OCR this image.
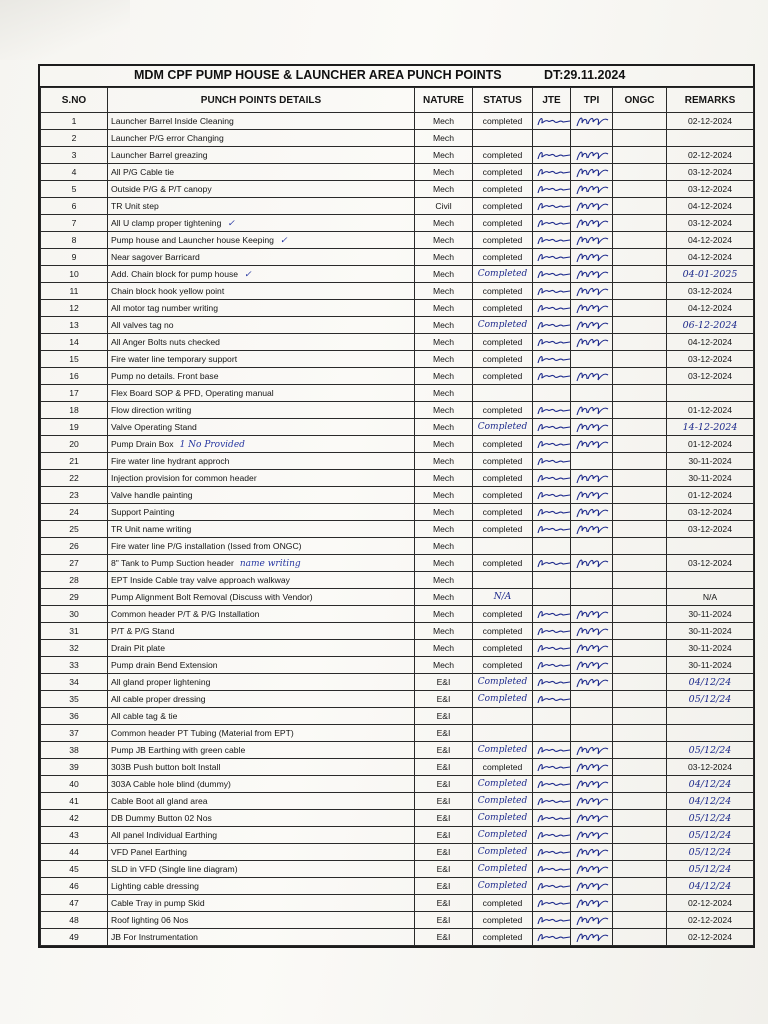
MDM CPF PUMP HOUSE & LAUNCHER AREA PUNCH POINTS	DT:29.11.2024
S.NO	PUNCH POINTS DETAILS	NATURE	STATUS	JTE	TPI	ONGC	REMARKS
1	Launcher Barrel Inside Cleaning	Mech	completed				02-12-2024
2	Launcher P/G error Changing	Mech					
3	Launcher Barrel greazing	Mech	completed				02-12-2024
4	All P/G Cable tie	Mech	completed				03-12-2024
5	Outside P/G & P/T canopy	Mech	completed				03-12-2024
6	TR Unit step	Civil	completed				04-12-2024
7	All U clamp proper tightening ✓	Mech	completed				03-12-2024
8	Pump house and Launcher house Keeping ✓	Mech	completed				04-12-2024
9	Near sagover Barricard	Mech	completed				04-12-2024
10	Add. Chain block for pump house ✓	Mech	Completed				04-01-2025
11	Chain block hook yellow point	Mech	completed				03-12-2024
12	All motor tag number writing	Mech	completed				04-12-2024
13	All valves tag no	Mech	Completed				06-12-2024
14	All Anger Bolts nuts checked	Mech	completed				04-12-2024
15	Fire water line temporary support	Mech	completed				03-12-2024
16	Pump no details. Front base	Mech	completed				03-12-2024
17	Flex Board SOP & PFD, Operating manual	Mech					
18	Flow direction writing	Mech	completed				01-12-2024
19	Valve Operating Stand	Mech	Completed				14-12-2024
20	Pump Drain Box 1 No Provided	Mech	completed				01-12-2024
21	Fire water line hydrant approch	Mech	completed				30-11-2024
22	Injection provision for common header	Mech	completed				30-11-2024
23	Valve handle painting	Mech	completed				01-12-2024
24	Support Painting	Mech	completed				03-12-2024
25	TR Unit name writing	Mech	completed				03-12-2024
26	Fire water line P/G installation (Issed from ONGC)	Mech					
27	8" Tank to Pump Suction header name writing	Mech	completed				03-12-2024
28	EPT Inside Cable tray valve approach walkway	Mech					
29	Pump Alignment Bolt Removal (Discuss with Vendor)	Mech	N/A				N/A
30	Common header P/T & P/G Installation	Mech	completed				30-11-2024
31	P/T & P/G Stand	Mech	completed				30-11-2024
32	Drain Pit plate	Mech	completed				30-11-2024
33	Pump drain Bend Extension	Mech	completed				30-11-2024
34	All gland proper lightening	E&I	Completed				04/12/24
35	All cable proper dressing	E&I	Completed				05/12/24
36	All cable tag & tie	E&I					
37	Common header PT Tubing (Material from EPT)	E&I					
38	Pump JB Earthing with green cable	E&I	Completed				05/12/24
39	303B Push button bolt Install	E&I	completed				03-12-2024
40	303A Cable hole blind (dummy)	E&I	Completed				04/12/24
41	Cable Boot all gland area	E&I	Completed				04/12/24
42	DB Dummy Button 02 Nos	E&I	Completed				05/12/24
43	All panel Individual Earthing	E&I	Completed				05/12/24
44	VFD Panel Earthing	E&I	Completed				05/12/24
45	SLD in VFD (Single line diagram)	E&I	Completed				05/12/24
46	Lighting cable dressing	E&I	Completed				04/12/24
47	Cable Tray in pump Skid	E&I	completed				02-12-2024
48	Roof lighting 06 Nos	E&I	completed				02-12-2024
49	JB For Instrumentation	E&I	completed				02-12-2024
